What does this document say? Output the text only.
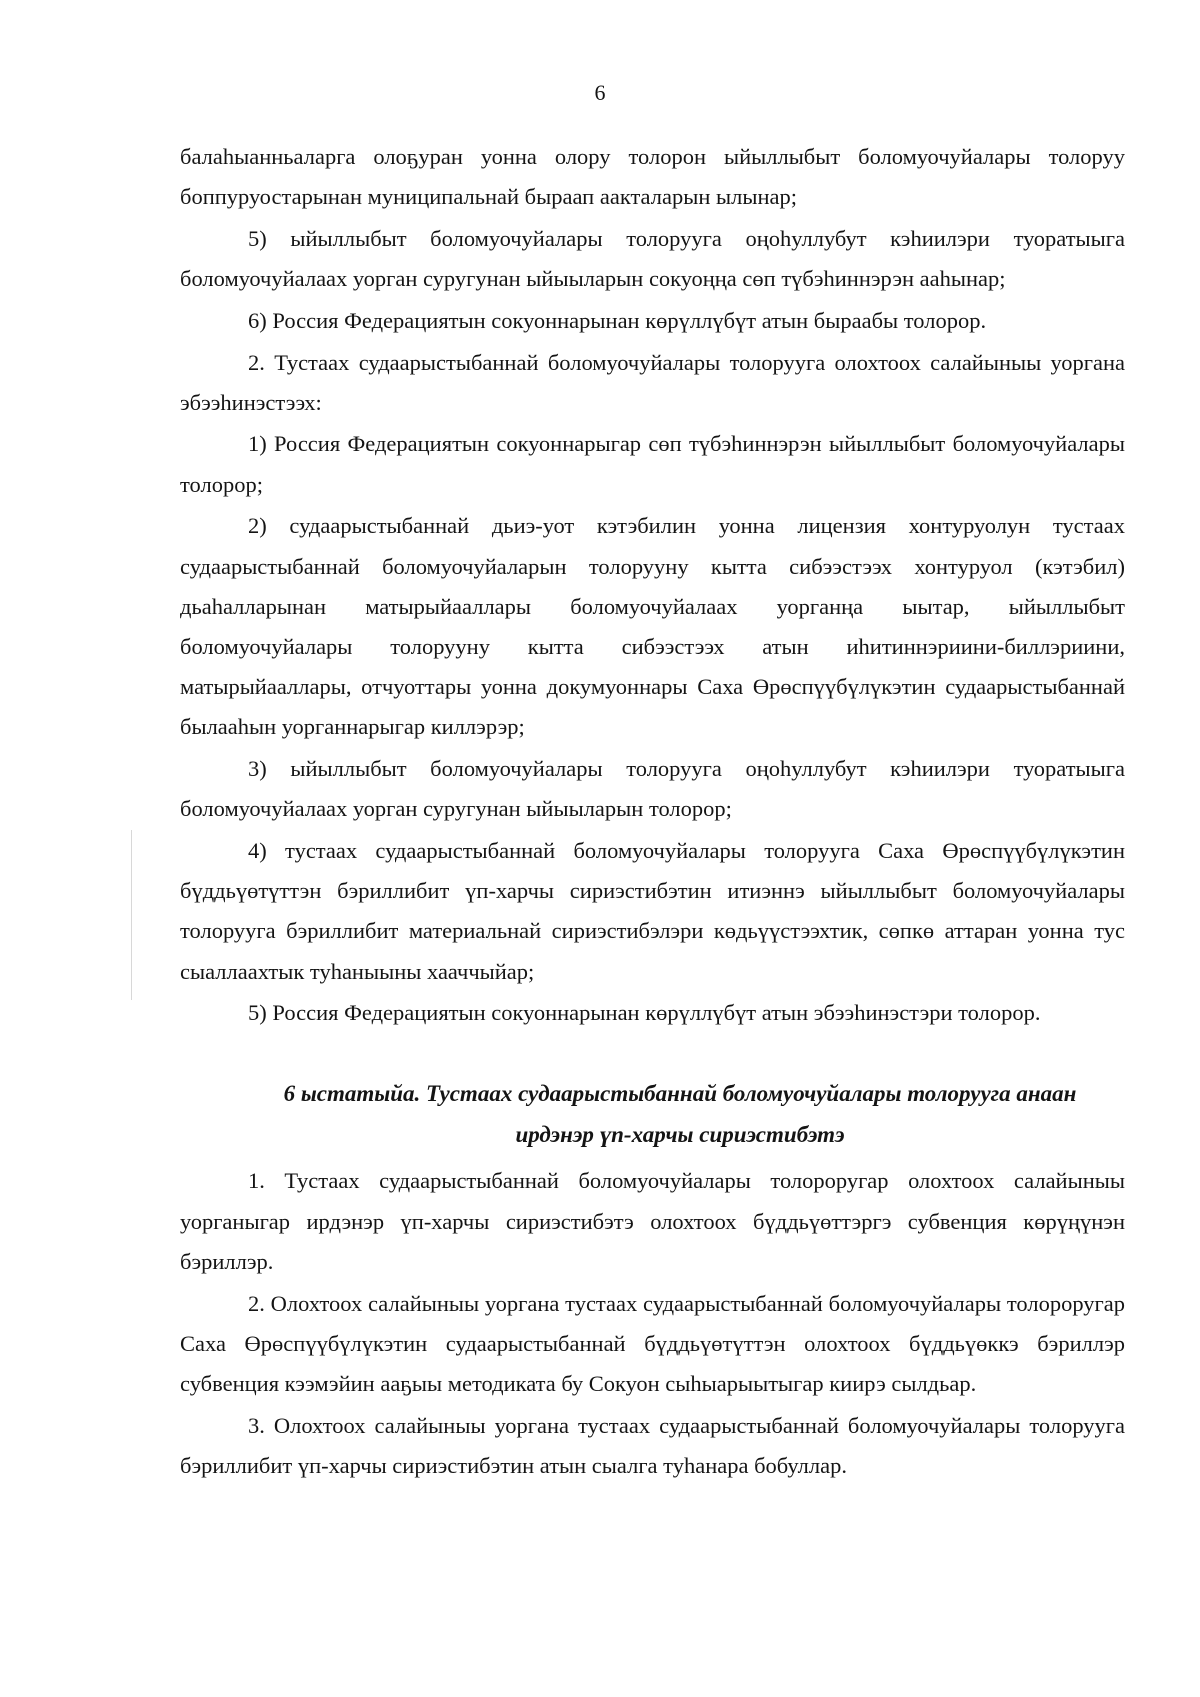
6

балаhыанньаларга олоҕуран уонна олору толорон ыйыллыбыт боломуочуйалары толоруу боппуруостарынан муниципальнай быраап аакталарын ылынар;

5) ыйыллыбыт боломуочуйалары толорууга оңоhуллубут кэhиилэри туоратыыга боломуочуйалаах уорган суругунан ыйыыларын сокуоңңа сөп түбэhиннэрэн ааhынар;

6) Россия Федерациятын сокуоннарынан көрүллүбүт атын быраабы толорор.

2. Тустаах судаарыстыбаннай боломуочуйалары толорууга олохтоох салайыныы уоргана эбээhинэстээх:

1) Россия Федерациятын сокуоннарыгар сөп түбэhиннэрэн ыйыллыбыт боломуочуйалары толорор;

2) судаарыстыбаннай дьиэ-уот кэтэбилин уонна лицензия хонтуруолун тустаах судаарыстыбаннай боломуочуйаларын толорууну кытта сибээстээх хонтуруол (кэтэбил) дьаhалларынан матырыйааллары боломуочуйалаах уорганңа ыытар, ыйыллыбыт боломуочуйалары толорууну кытта сибээстээх атын иhитиннэриини-биллэриини, матырыйааллары, отчуоттары уонна докумуоннары Саха Өрөспүүбүлүкэтин судаарыстыбаннай былааhын уорганнарыгар киллэрэр;

3) ыйыллыбыт боломуочуйалары толорууга оңоhуллубут кэhиилэри туоратыыга боломуочуйалаах уорган суругунан ыйыыларын толорор;

4) тустаах судаарыстыбаннай боломуочуйалары толорууга Саха Өрөспүүбүлүкэтин бүддьүөтүттэн бэриллибит үп-харчы сириэстибэтин итиэннэ ыйыллыбыт боломуочуйалары толорууга бэриллибит материальнай сириэстибэлэри көдьүүстээхтик, сөпкө аттаран уонна тус сыаллаахтык туhаныыны хааччыйар;

5) Россия Федерациятын сокуоннарынан көрүллүбүт атын эбээhинэстэри толорор.

6 ыстатыйа. Тустаах судаарыстыбаннай боломуочуйалары толорууга анаан
ирдэнэр үп-харчы сириэстибэтэ

1. Тустаах судаарыстыбаннай боломуочуйалары толороругар олохтоох салайыныы уорганыгар ирдэнэр үп-харчы сириэстибэтэ олохтоох бүддьүөттэргэ субвенция көрүңүнэн бэриллэр.

2. Олохтоох салайыныы уоргана тустаах судаарыстыбаннай боломуочуйалары толороругар Саха Өрөспүүбүлүкэтин судаарыстыбаннай бүддьүөтүттэн олохтоох бүддьүөккэ бэриллэр субвенция кээмэйин ааҕыы методиката бу Сокуон сыhыарыытыгар киирэ сылдьар.

3. Олохтоох салайыныы уоргана тустаах судаарыстыбаннай боломуочуйалары толорууга бэриллибит үп-харчы сириэстибэтин атын сыалга туhанара бобуллар.
